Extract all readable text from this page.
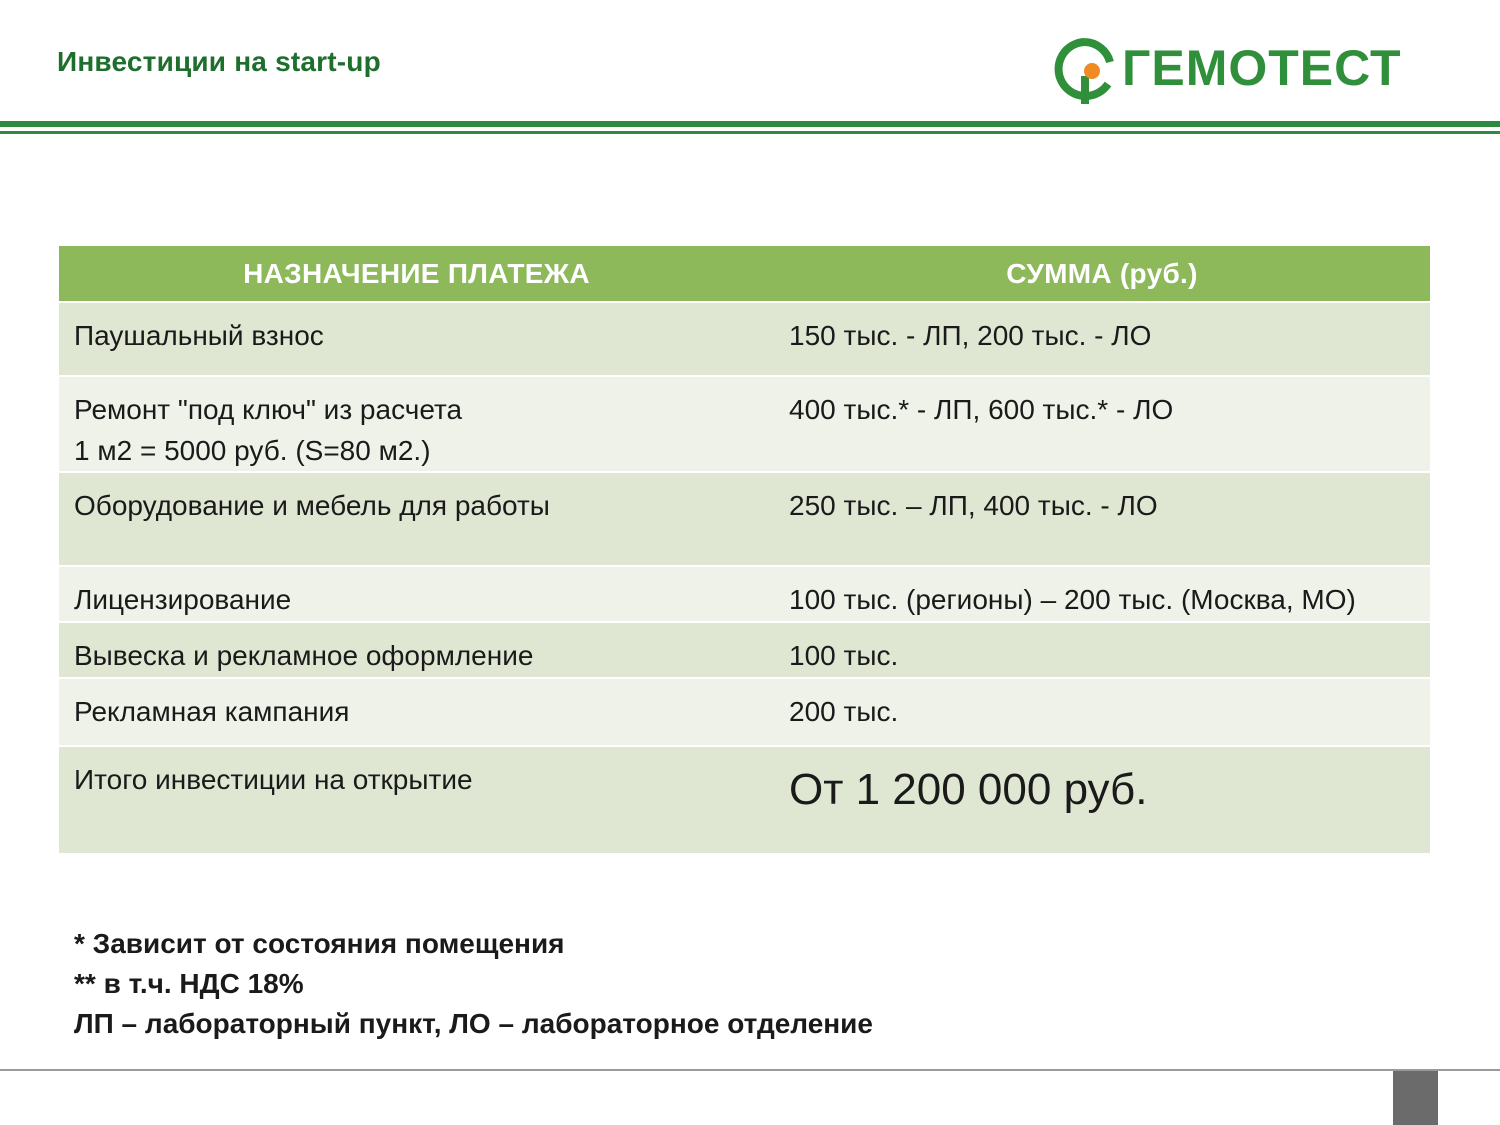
Инвестиции на start-up	ГЕМОТЕСТ
НАЗНАЧЕНИЕ ПЛАТЕЖА	СУММА (руб.)
Паушальный взнос	150 тыс. - ЛП, 200 тыс. - ЛО

Ремонт "под ключ" из расчета
1 м2 = 5000 руб. (S=80 м2.)	400 тыс.* - ЛП, 600 тыс.* - ЛО
Оборудование и мебель для работы	250 тыс. – ЛП, 400 тыс. - ЛО
Лицензирование	100 тыс. (регионы) – 200 тыс. (Москва, МО)
Вывеска и рекламное оформление	100 тыс.
Рекламная кампания	200 тыс.
Итого инвестиции на открытие	От 1 200 000 руб.
* Зависит от состояния помещения
** в т.ч. НДС 18%
ЛП – лабораторный пункт, ЛО – лабораторное отделение
